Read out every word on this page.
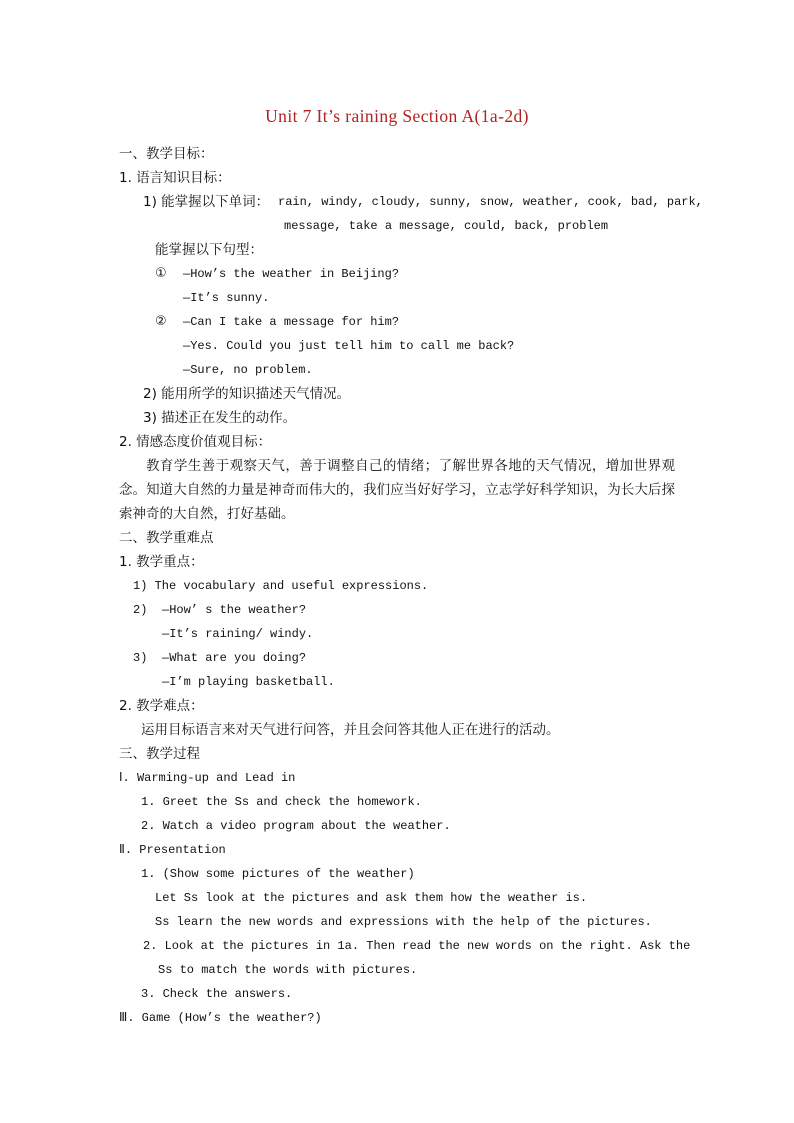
Unit 7 It’s raining Section A(1a-2d)
一、教学目标：
1. 语言知识目标：
1) 能掌握以下单词： rain, windy, cloudy, sunny, snow, weather, cook, bad, park,
message, take a message, could, back, problem
能掌握以下句型：
① —How’s the weather in Beijing?
—It’s sunny.
② —Can I take a message for him?
—Yes. Could you just tell him to call me back?
—Sure, no problem.
2) 能用所学的知识描述天气情况。
3) 描述正在发生的动作。
2. 情感态度价值观目标：
教育学生善于观察天气，善于调整自己的情绪；了解世界各地的天气情况，增加世界观念。知道大自然的力量是神奇而伟大的，我们应当好好学习，立志学好科学知识，为长大后探索神奇的大自然，打好基础。
二、教学重难点
1. 教学重点：
1) The vocabulary and useful expressions.
2) —How’ s the weather?
—It’s raining/ windy.
3) —What are you doing?
—I’m playing basketball.
2. 教学难点：
运用目标语言来对天气进行问答，并且会问答其他人正在进行的活动。
三、教学过程
Ⅰ. Warming-up and Lead in
1. Greet the Ss and check the homework.
2. Watch a video program about the weather.
Ⅱ. Presentation
1. (Show some pictures of the weather)
Let Ss look at the pictures and ask them how the weather is.
Ss learn the new words and expressions with the help of the pictures.
2. Look at the pictures in 1a. Then read the new words on the right. Ask the
Ss to match the words with pictures.
3. Check the answers.
Ⅲ. Game (How’s the weather?)
